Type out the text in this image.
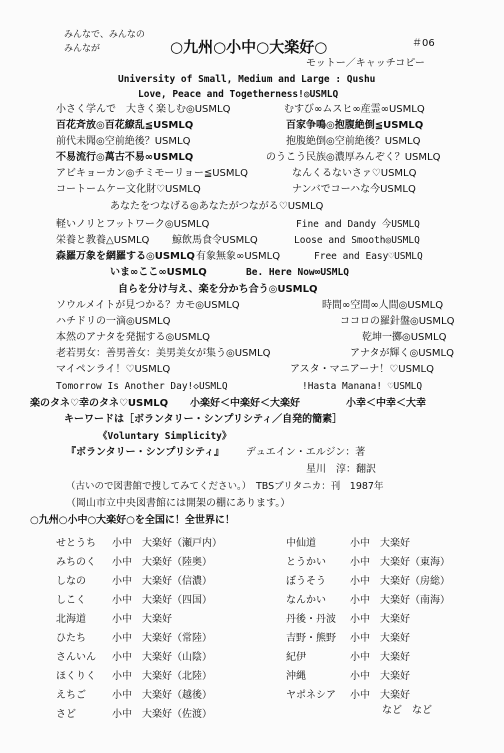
みんなで、みんなの
みんなが	○九州○小中○大楽好○	＃06
モットー／キャッチコピー
University of Small, Medium and Large : Qushu
Love, Peace and Togetherness!◎USMLQ
小さく学んで　大きく楽しむ◎USMLQ	むすび∞ムスヒ∞産霊∞USMLQ
百花斉放◎百花繚乱≦USMLQ	百家争鳴◎抱腹絶倒≦USMLQ
前代未聞◎空前絶後？USMLQ	抱腹絶倒◎空前絶後？USMLQ
不易流行◎萬古不易∞USMLQ	のうこう民族◎濃厚みんぞく？USMLQ
アビキョーカン◎チミモーリョー≦USMLQ	なんくるないさァ♡USMLQ
コートームケー文化財♡USMLQ	ナンバでコーハな今USMLQ
あなたをつなげる◎あなたがつながる♡USMLQ
軽いノリとフットワーク◎USMLQ	Fine and Dandy 今USMLQ
栄養と教養△USMLQ 鯨飲馬食令USMLQ	Loose and Smooth◎USMLQ
森羅万象を網羅する◎USMLQ 有象無象∞USMLQ	Free and Easy♡USMLQ
いま∞ここ∞USMLQ	Be. Here Now∞USMLQ
自らを分け与え、楽を分かち合う◎USMLQ
ソウルメイトが見つかる？カモ◎USMLQ	時間∞空間∞人間◎USMLQ
ハチドリの一滴◎USMLQ	ココロの羅針盤◎USMLQ
本然のアナタを発掘する◎USMLQ	乾坤一擲◎USMLQ
老若男女：善男善女：美男美女が集う◎USMLQ	アナタが輝く◎USMLQ
マイペンライ！♡USMLQ	アスタ・マニアーナ！♡USMLQ
Tomorrow Is Another Day!◇USMLQ	!Hasta Manana! ♡USMLQ
楽のタネ♡幸のタネ♡USMLQ 小楽好＜中楽好＜大楽好	小幸＜中幸＜大幸
キーワードは［ボランタリー・シンプリシティ／自発的簡素］
《Voluntary Simplicity》
『ボランタリー・シンプリシティ』 デュエイン・エルジン：著
星川　淳：翻訳
（古いので図書館で捜してみてください。）　TBSブリタニカ：刊　1987年
（岡山市立中央図書館には開架の棚にあります。）
○九州○小中○大楽好○を全国に！全世界に！
せとうち 小中 大楽好（瀬戸内）
みちのく 小中 大楽好（陸奥）
しなの	小中 大楽好（信濃）
しこく	小中 大楽好（四国）
北海道	小中 大楽好
ひたち	小中 大楽好（常陸）
さんいん 小中 大楽好（山陰）
ほくりく 小中 大楽好（北陸）
えちご	小中 大楽好（越後）
さど	小中 大楽好（佐渡）
中仙道	小中 大楽好
とうかい 小中 大楽好（東海）
ぼうそう 小中 大楽好（房総）
なんかい 小中 大楽好（南海）
丹後・丹波 小中 大楽好
吉野・熊野 小中 大楽好
紀伊	小中 大楽好
沖縄	小中 大楽好
ヤポネシア 小中 大楽好
など　など
